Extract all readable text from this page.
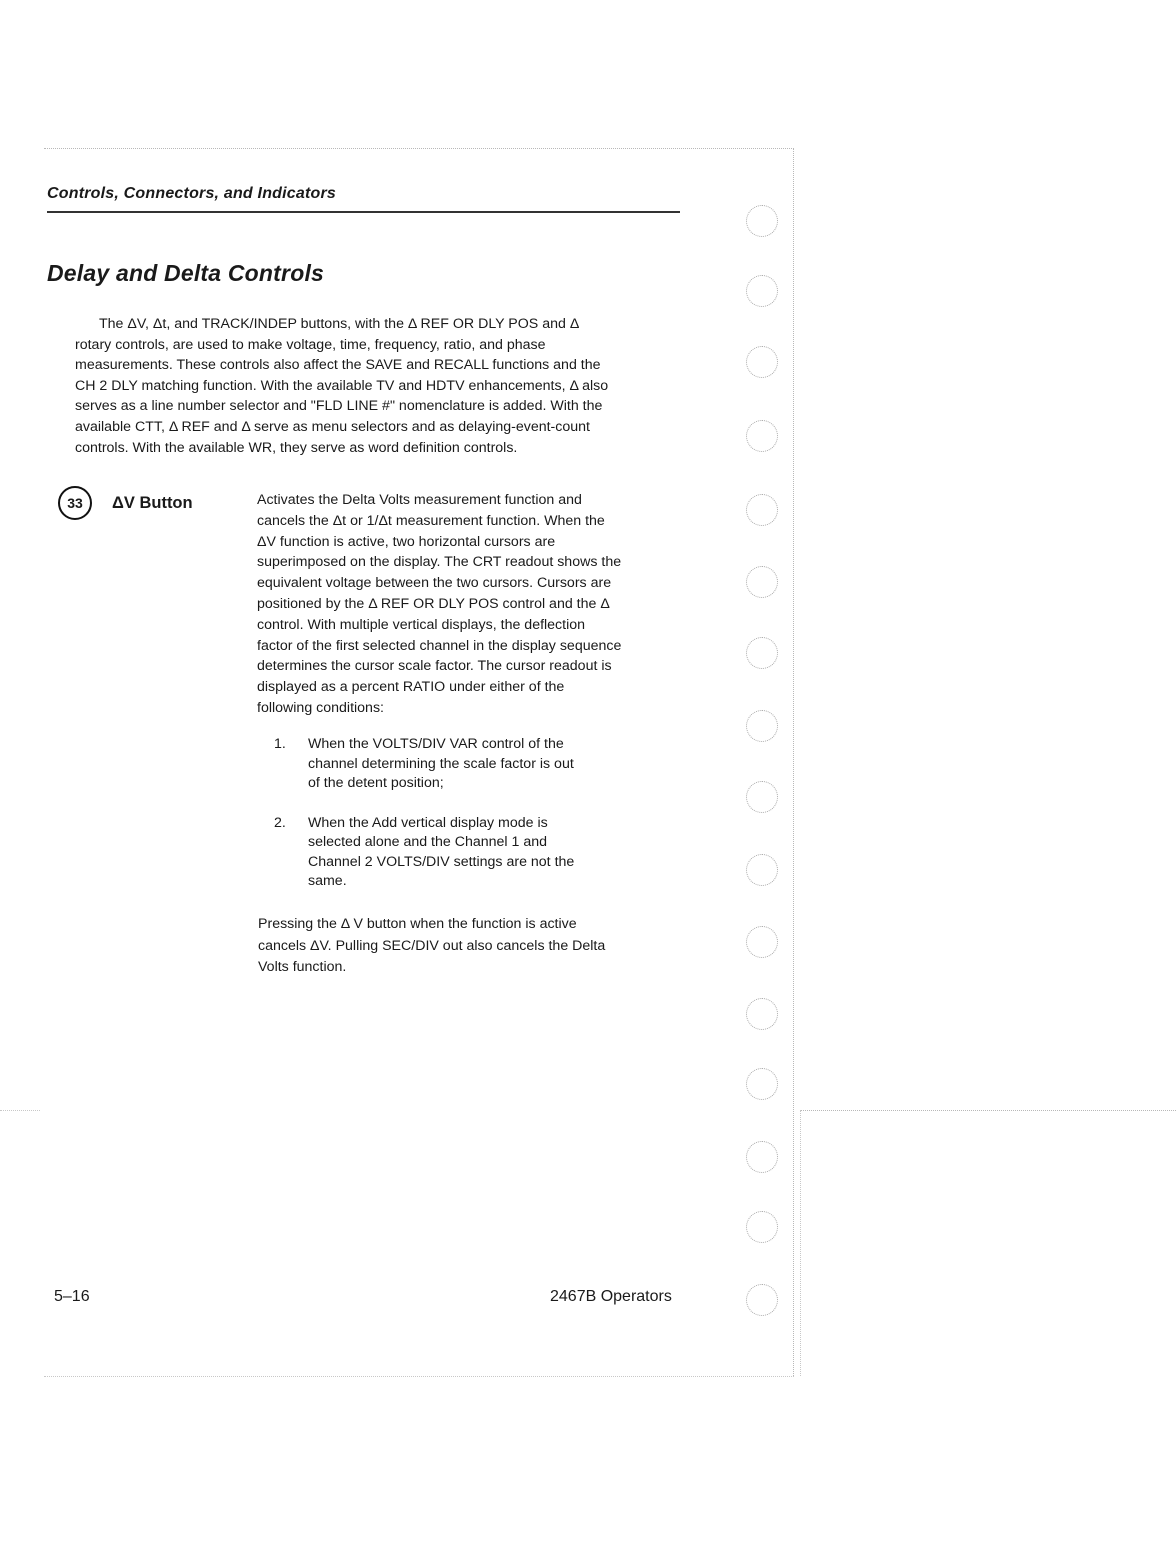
Controls, Connectors, and Indicators
Delay and Delta Controls
The ΔV, Δt, and TRACK/INDEP buttons, with the Δ REF OR DLY POS and Δ
rotary controls, are used to make voltage, time, frequency, ratio, and phase
measurements. These controls also affect the SAVE and RECALL functions and the
CH 2 DLY matching function. With the available TV and HDTV enhancements, Δ also
serves as a line number selector and "FLD LINE #" nomenclature is added. With the
available CTT, Δ REF and Δ serve as menu selectors and as delaying-event-count
controls. With the available WR, they serve as word definition controls.
33	ΔV Button	Activates the Delta Volts measurement function and
cancels the Δt or 1/Δt measurement function. When the
ΔV function is active, two horizontal cursors are
superimposed on the display. The CRT readout shows the
equivalent voltage between the two cursors. Cursors are
positioned by the Δ REF OR DLY POS control and the Δ
control. With multiple vertical displays, the deflection
factor of the first selected channel in the display sequence
determines the cursor scale factor. The cursor readout is
displayed as a percent RATIO under either of the
following conditions:
1. When the VOLTS/DIV VAR control of the
channel determining the scale factor is out
of the detent position;
2. When the Add vertical display mode is
selected alone and the Channel 1 and
Channel 2 VOLTS/DIV settings are not the
same.
Pressing the Δ V button when the function is active
cancels ΔV. Pulling SEC/DIV out also cancels the Delta
Volts function.
5–16	2467B Operators
